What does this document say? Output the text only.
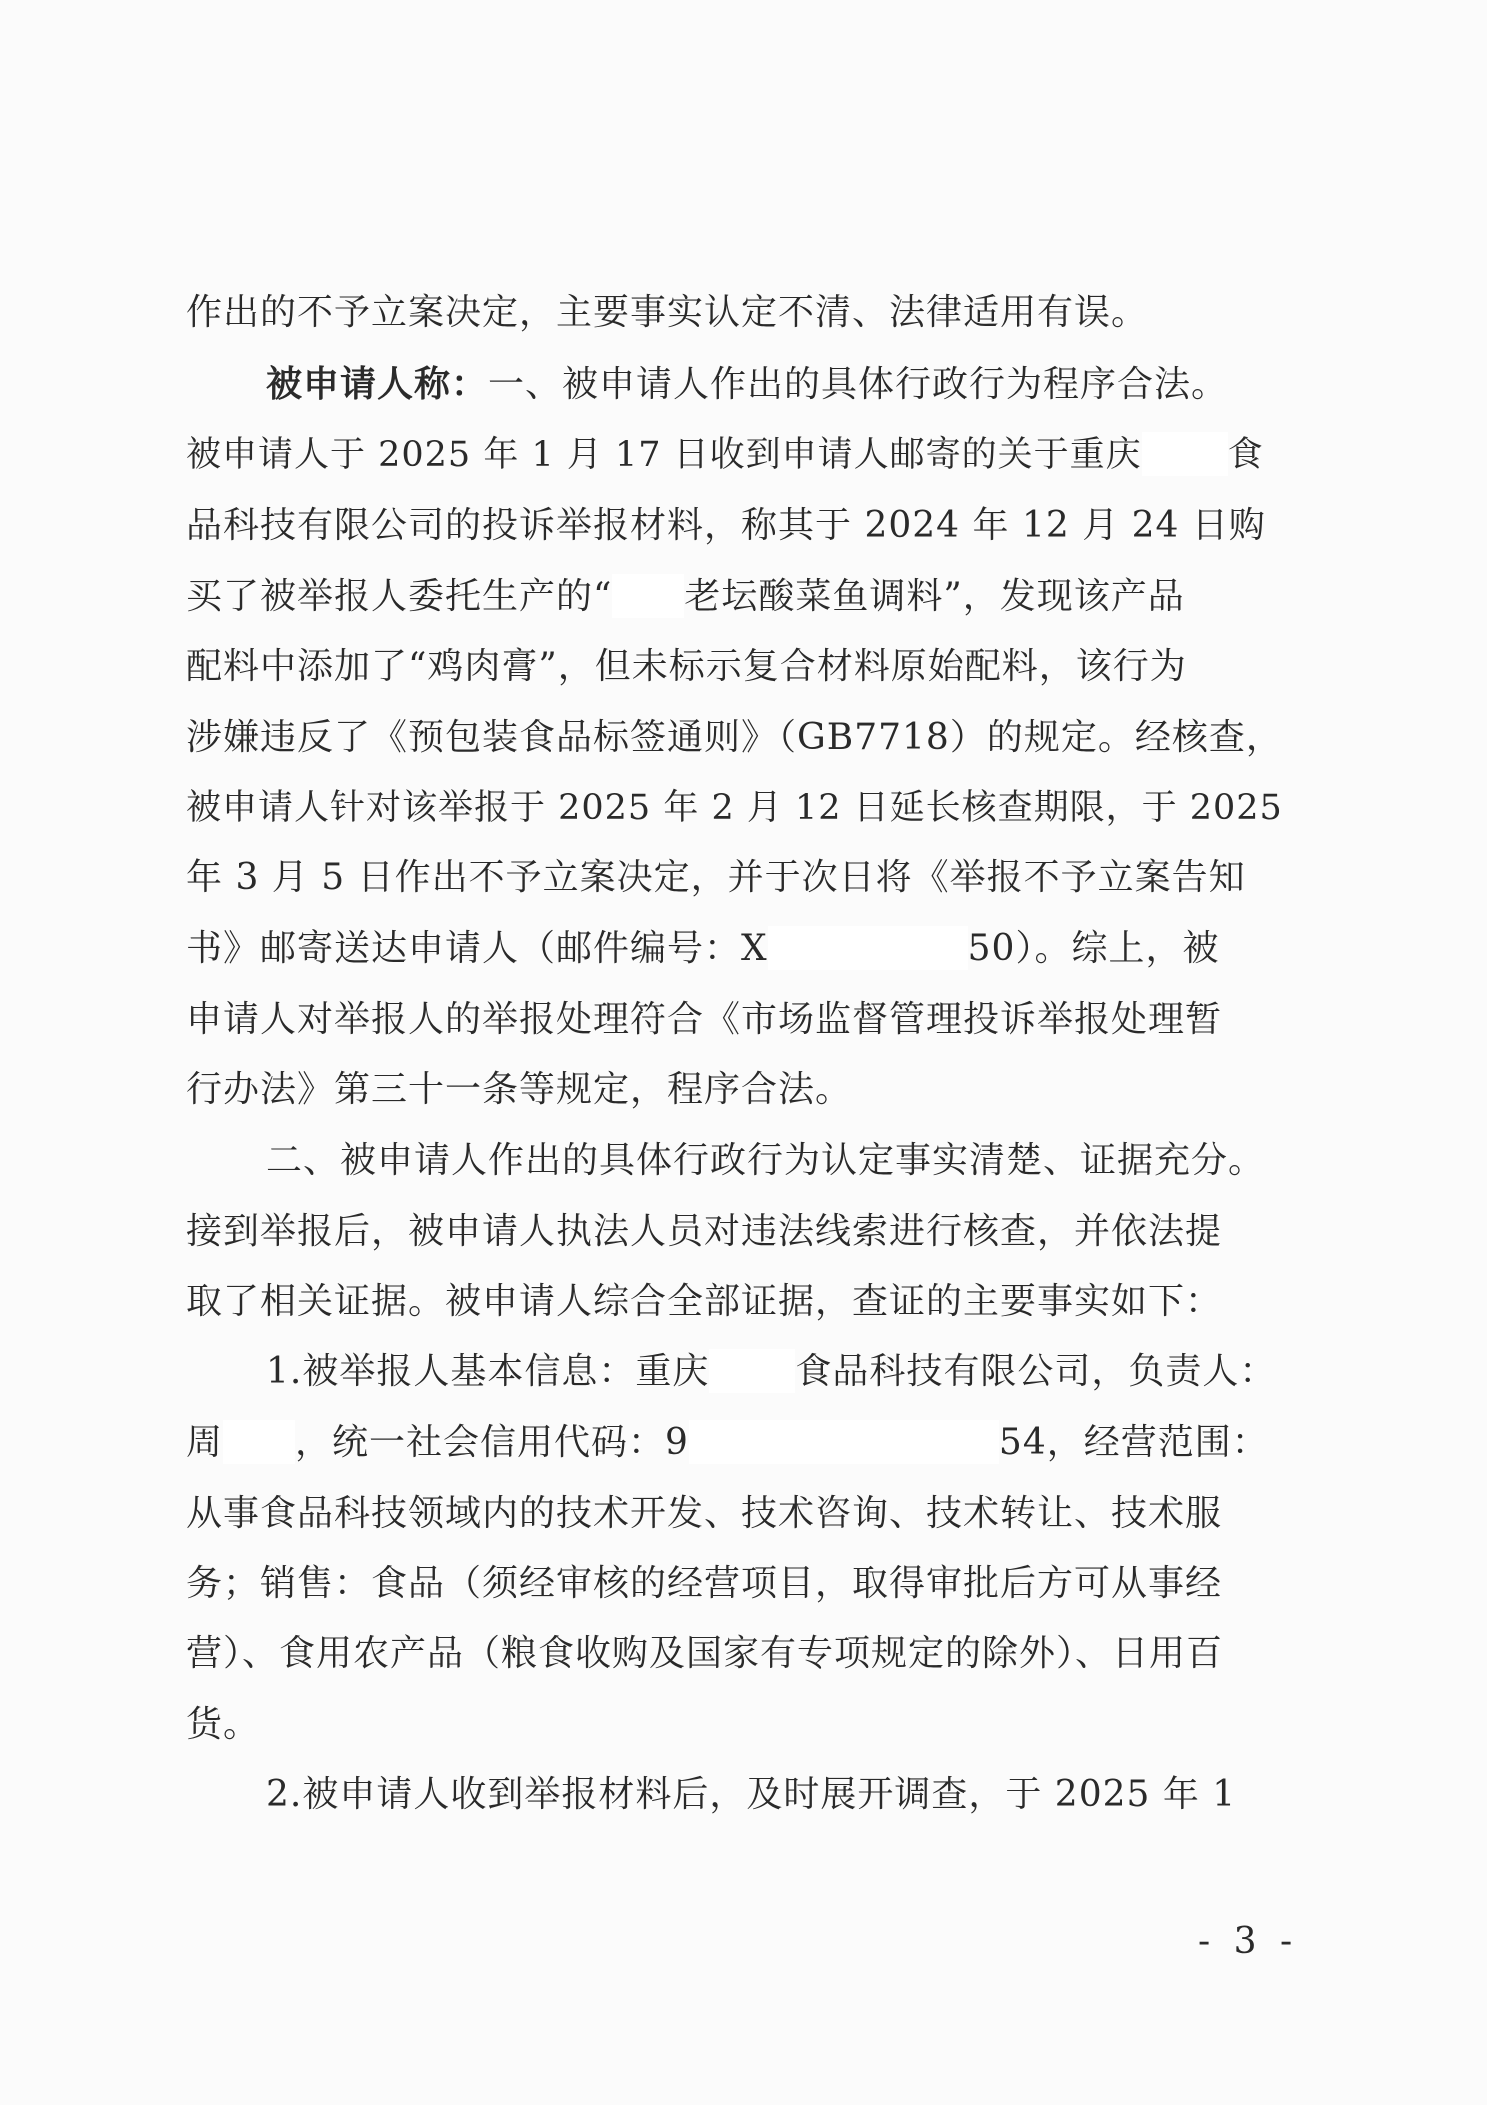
作出的不予立案决定，主要事实认定不清、法律适用有误。
被申请人称：一、被申请人作出的具体行政行为程序合法。
被申请人于 2025 年 1 月 17 日收到申请人邮寄的关于重庆 食
品科技有限公司的投诉举报材料，称其于 2024 年 12 月 24 日购
买了被举报人委托生产的“ 老坛酸菜鱼调料”，发现该产品
配料中添加了“鸡肉膏”，但未标示复合材料原始配料，该行为
涉嫌违反了《预包装食品标签通则》（GB7718）的规定。经核查，
被申请人针对该举报于 2025 年 2 月 12 日延长核查期限，于 2025
年 3 月 5 日作出不予立案决定，并于次日将《举报不予立案告知
书》邮寄送达申请人（邮件编号：X	50）。综上，被
申请人对举报人的举报处理符合《市场监督管理投诉举报处理暂
行办法》第三十一条等规定，程序合法。
二、被申请人作出的具体行政行为认定事实清楚、证据充分。
接到举报后，被申请人执法人员对违法线索进行核查，并依法提
取了相关证据。被申请人综合全部证据，查证的主要事实如下：
1.被举报人基本信息：重庆 食品科技有限公司，负责人：
周 ，统一社会信用代码：9	54，经营范围：
从事食品科技领域内的技术开发、技术咨询、技术转让、技术服
务；销售：食品（须经审核的经营项目，取得审批后方可从事经
营）、食用农产品（粮食收购及国家有专项规定的除外）、日用百
货。
2.被申请人收到举报材料后，及时展开调查，于 2025 年 1
- 3 -
